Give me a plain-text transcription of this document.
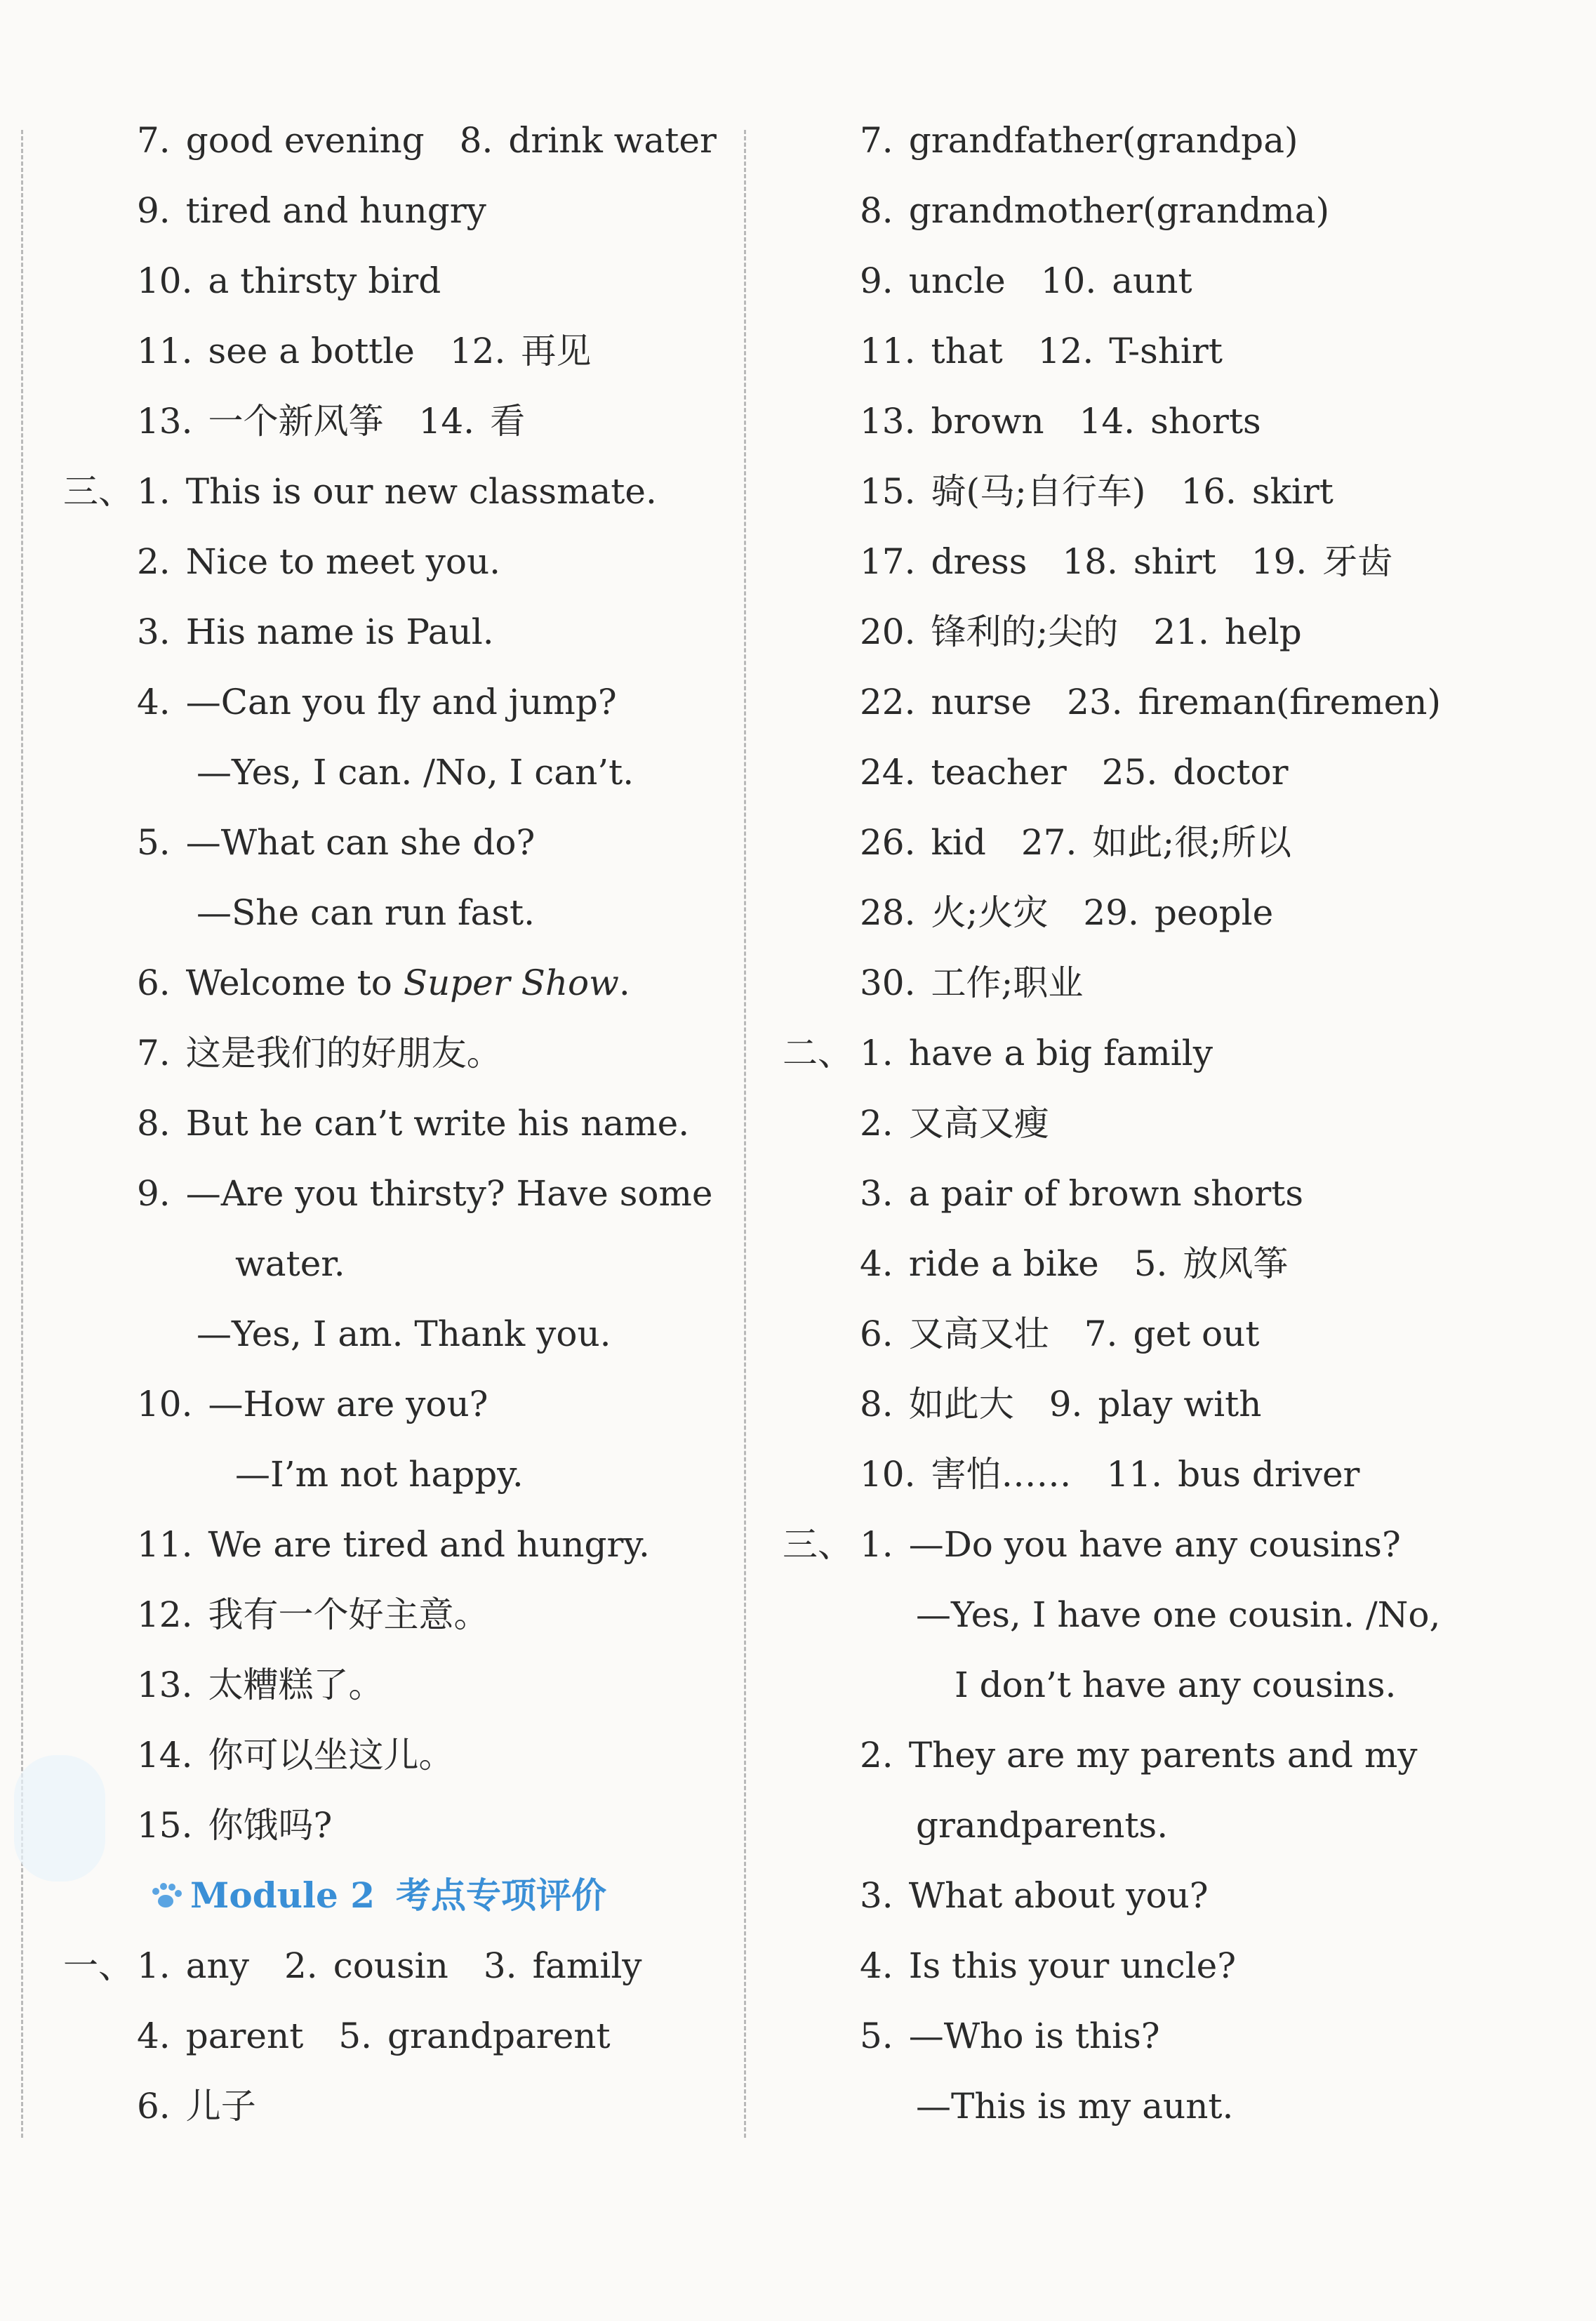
7. good evening 8. drink water
9. tired and hungry
10. a thirsty bird
11. see a bottle 12. 再见
13. 一个新风筝 14. 看
三、 1. This is our new classmate.
2. Nice to meet you.
3. His name is Paul.
4. —Can you fly and jump?
—Yes, I can. /No, I can’t.
5. —What can she do?
—She can run fast.
6. Welcome to Super Show.
7. 这是我们的好朋友。
8. But he can’t write his name.
9. —Are you thirsty? Have some
water.
—Yes, I am. Thank you.
10. —How are you?
—I’m not happy.
11. We are tired and hungry.
12. 我有一个好主意。
13. 太糟糕了。
14. 你可以坐这儿。
15. 你饿吗?
Module 2 考点专项评价
一、 1. any 2. cousin 3. family
4. parent 5. grandparent
6. 儿子
7. grandfather(grandpa)
8. grandmother(grandma)
9. uncle 10. aunt
11. that 12. T-shirt
13. brown 14. shorts
15. 骑(马;自行车) 16. skirt
17. dress 18. shirt 19. 牙齿
20. 锋利的;尖的 21. help
22. nurse 23. fireman(firemen)
24. teacher 25. doctor
26. kid 27. 如此;很;所以
28. 火;火灾 29. people
30. 工作;职业
二、 1. have a big family
2. 又高又瘦
3. a pair of brown shorts
4. ride a bike 5. 放风筝
6. 又高又壮 7. get out
8. 如此大 9. play with
10. 害怕…… 11. bus driver
三、 1. —Do you have any cousins?
—Yes, I have one cousin. /No,
I don’t have any cousins.
2. They are my parents and my
grandparents.
3. What about you?
4. Is this your uncle?
5. —Who is this?
—This is my aunt.
